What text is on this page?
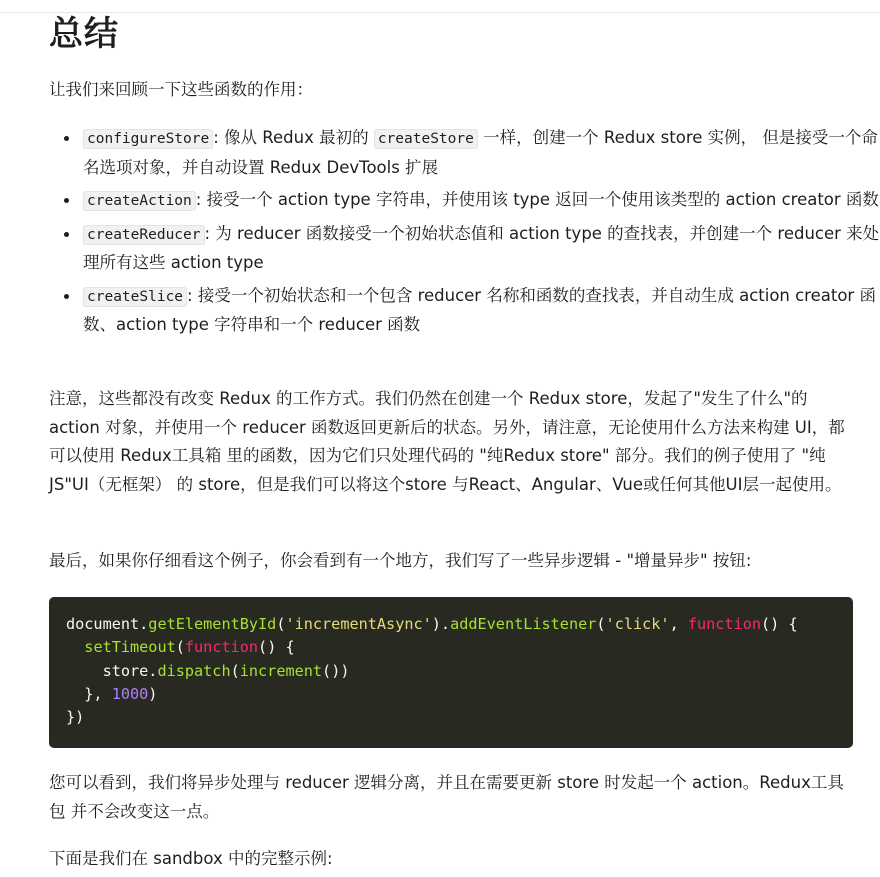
总结

让我们来回顾一下这些函数的作用：

configureStore : 像从 Redux 最初的 createStore 一样，创建一个 Redux store 实例， 但是接受一个命名选项对象，并自动设置 Redux DevTools 扩展
createAction : 接受一个 action type 字符串，并使用该 type 返回一个使用该类型的 action creator 函数
createReducer : 为 reducer 函数接受一个初始状态值和 action type 的查找表，并创建一个 reducer 来处理所有这些 action type
createSlice : 接受一个初始状态和一个包含 reducer 名称和函数的查找表，并自动生成 action creator 函数、action type 字符串和一个 reducer 函数

注意，这些都没有改变 Redux 的工作方式。我们仍然在创建一个 Redux store，发起了"发生了什么"的 action 对象，并使用一个 reducer 函数返回更新后的状态。另外，请注意，无论使用什么方法来构建 UI，都可以使用 Redux工具箱 里的函数，因为它们只处理代码的 "纯Redux store" 部分。我们的例子使用了 "纯JS"UI（无框架） 的 store，但是我们可以将这个store 与React、Angular、Vue或任何其他UI层一起使用。

最后，如果你仔细看这个例子，你会看到有一个地方，我们写了一些异步逻辑 - "增量异步" 按钮:

您可以看到，我们将异步处理与 reducer 逻辑分离，并且在需要更新 store 时发起一个 action。Redux工具包 并不会改变这一点。

下面是我们在 sandbox 中的完整示例:

document.getElementById('incrementAsync').addEventListener('click', function() {
setTimeout(function() {
store.dispatch(increment())
}, 1000)
})
